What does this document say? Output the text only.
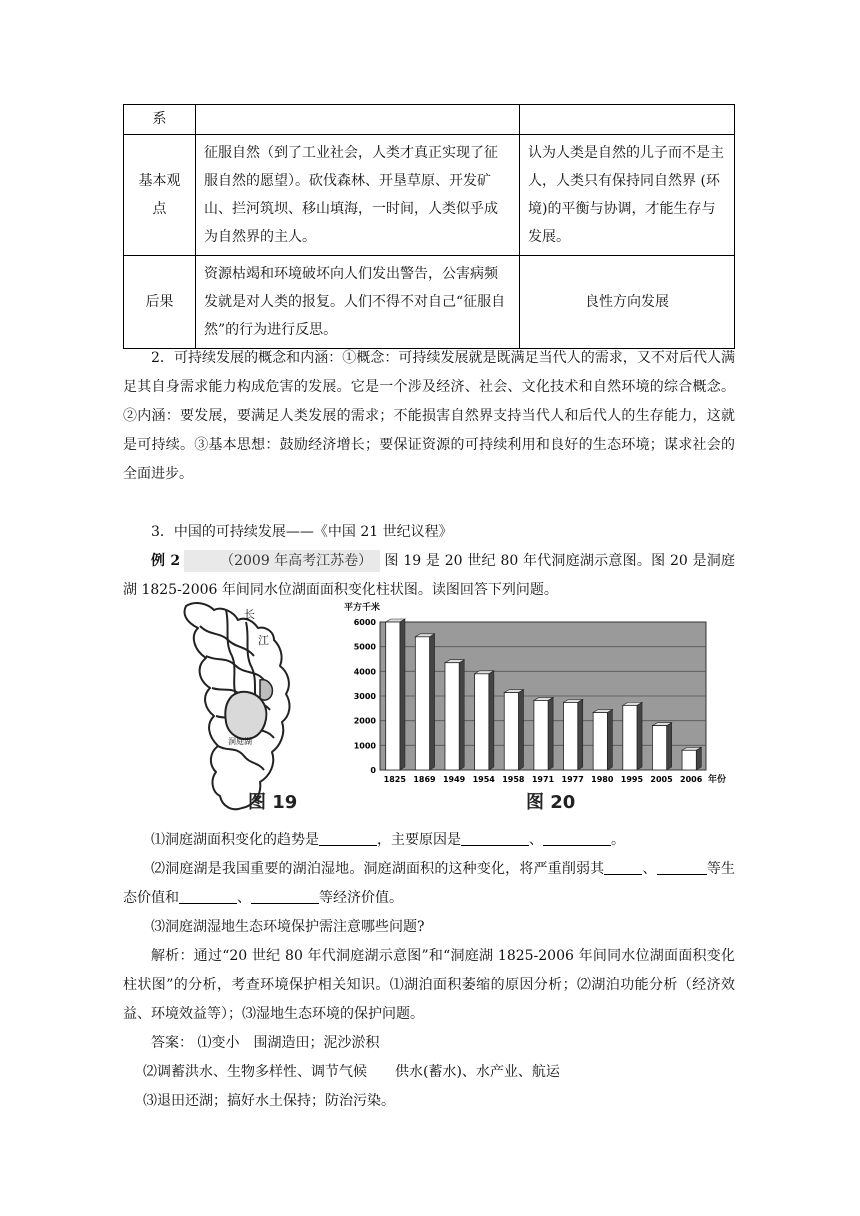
系		
基本观点	征服自然（到了工业社会，人类才真正实现了征服自然的愿望）。砍伐森林、开垦草原、开发矿山、拦河筑坝、移山填海，一时间，人类似乎成为自然界的主人。	认为人类是自然的儿子而不是主人，人类只有保持同自然界 (环境)的平衡与协调，才能生存与发展。
后果	资源枯竭和环境破坏向人们发出警告，公害病频发就是对人类的报复。人们不得不对自己“征服自然”的行为进行反思。	良性方向发展

2．可持续发展的概念和内涵：①概念：可持续发展就是既满足当代人的需求，又不对后代人满足其自身需求能力构成危害的发展。它是一个涉及经济、社会、文化技术和自然环境的综合概念。②内涵：要发展，要满足人类发展的需求；不能损害自然界支持当代人和后代人的生存能力，这就是可持续。③基本思想：鼓励经济增长；要保证资源的可持续利用和良好的生态环境；谋求社会的全面进步。

3．中国的可持续发展——《中国 21 世纪议程》

例 2	（2009 年高考江苏卷） 图 19 是 20 世纪 80 年代洞庭湖示意图。图 20 是洞庭湖 1825-2006 年间同水位湖面面积变化柱状图。读图回答下列问题。

长
江
洞庭湖
图 19
0
1000
2000
3000
4000
5000
6000
1825 1869 1949 1954 1958 1971 1977 1980 1995 2005 2006
平方千米
年份
图 20

⑴洞庭湖面积变化的趋势是	，主要原因是	、	。

⑵洞庭湖是我国重要的湖泊湿地。洞庭湖面积的这种变化，将严重削弱其	、	等生态价值和	、	等经济价值。

⑶洞庭湖湿地生态环境保护需注意哪些问题?

解析：通过“20 世纪 80 年代洞庭湖示意图”和“洞庭湖 1825-2006 年间同水位湖面面积变化柱状图”的分析，考查环境保护相关知识。⑴湖泊面积萎缩的原因分析；⑵湖泊功能分析（经济效益、环境效益等）；⑶湿地生态环境的保护问题。

答案： ⑴变小　围湖造田；泥沙淤积

⑵调蓄洪水、生物多样性、调节气候　　供水(蓄水)、水产业、航运

⑶退田还湖；搞好水土保持；防治污染。
